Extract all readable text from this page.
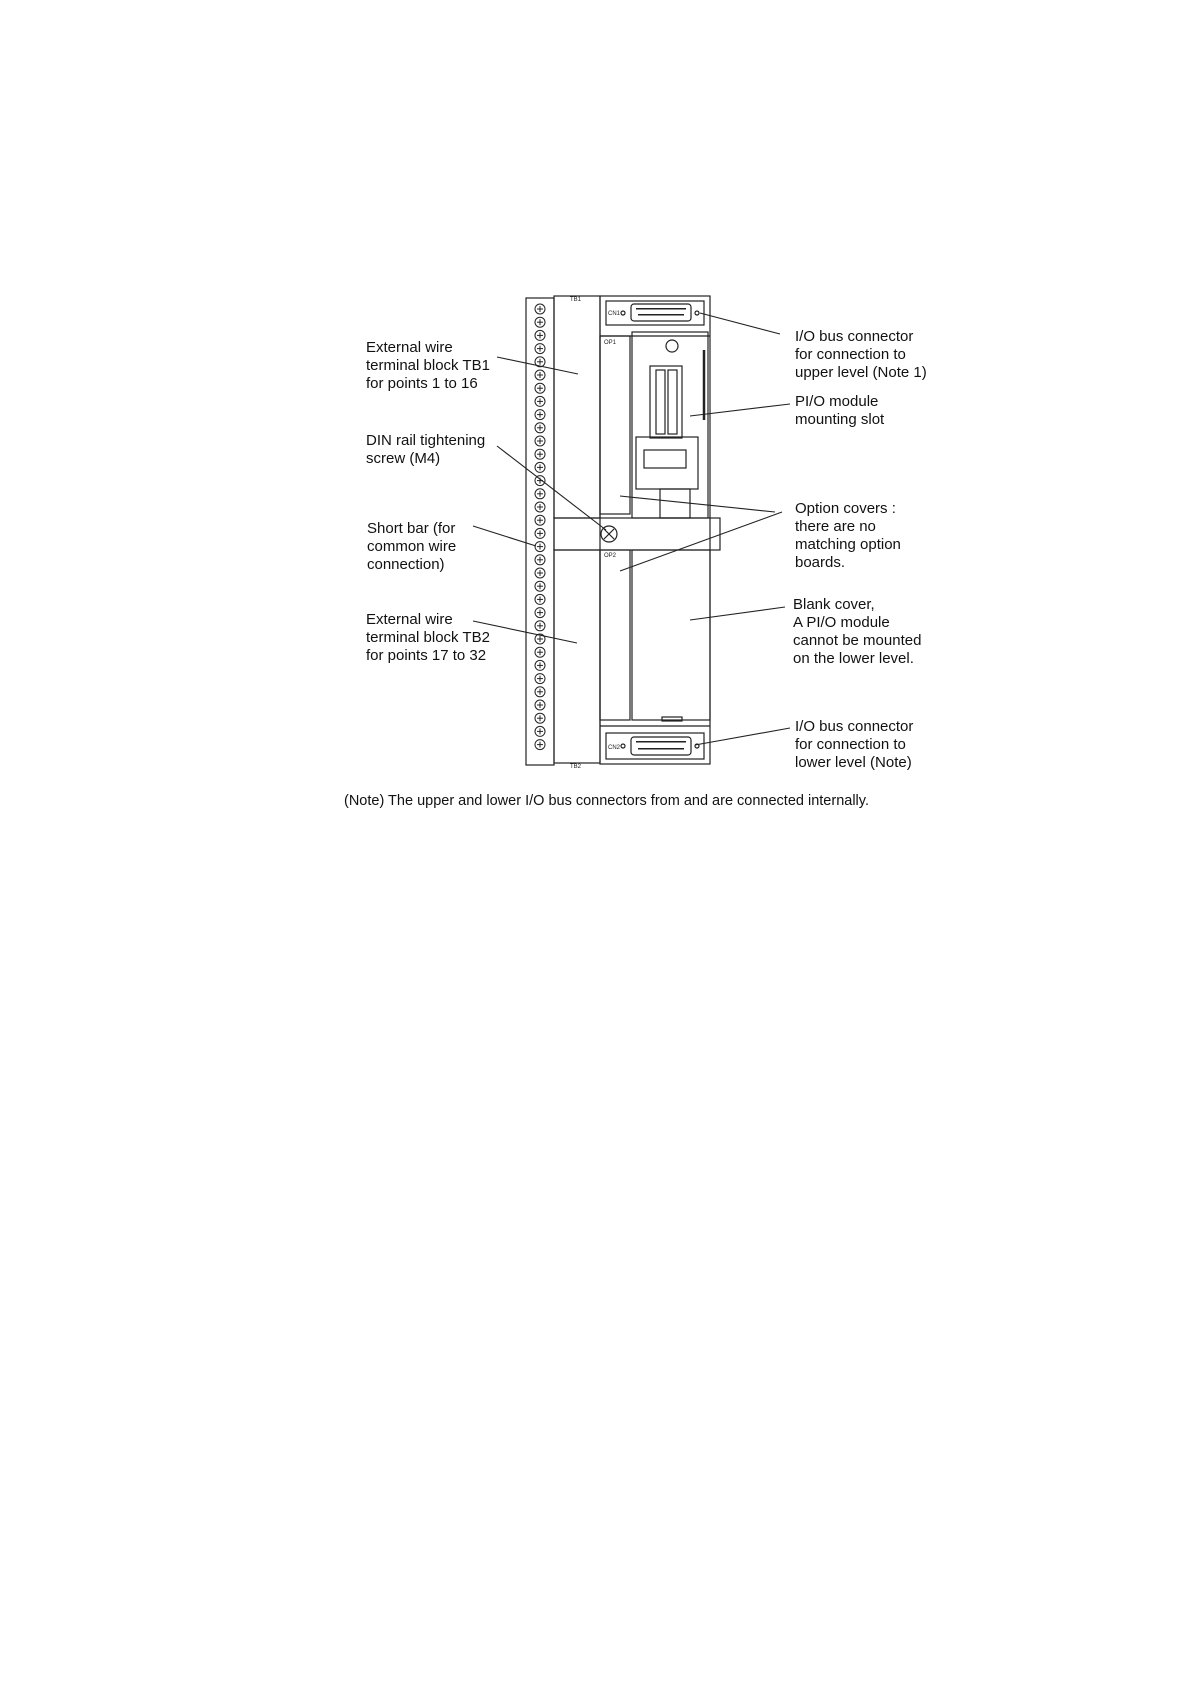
TB1
TB2
CN1
CN2
OP1
OP2
External wire
terminal block TB1
for points 1 to 16
DIN rail tightening
screw (M4)
Short bar (for
common wire
connection)
External wire
terminal block TB2
for points 17 to 32
I/O bus connector
for connection to
upper level (Note 1)
PI/O module
mounting slot
Option covers :
there are no
matching option
boards.
Blank cover,
A PI/O module
cannot be mounted
on the lower level.
I/O bus connector
for connection to
lower level (Note)
(Note) The upper and lower I/O bus connectors from and are connected internally.
